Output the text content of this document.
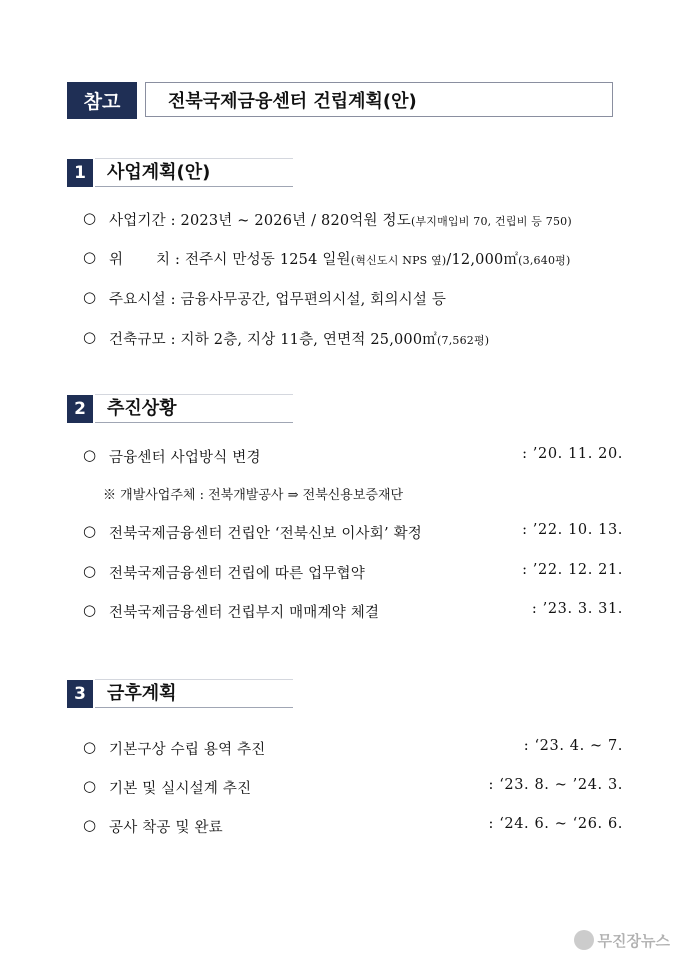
참고	전북국제금융센터 건립계획(안)
1	사업계획(안)
○ 사업기간 : 2023년 ~ 2026년 / 820억원 정도(부지매입비 70, 건립비 등 750)
○ 위 치 : 전주시 만성동 1254 일원(혁신도시 NPS 옆)/12,000㎡(3,640평)
○ 주요시설 : 금융사무공간, 업무편의시설, 회의시설 등
○ 건축규모 : 지하 2층, 지상 11층, 연면적 25,000㎡(7,562평)
2	추진상황
○ 금융센터 사업방식 변경	: ’20. 11. 20.
※ 개발사업주체 : 전북개발공사 ⇒ 전북신용보증재단
○ 전북국제금융센터 건립안 ‘전북신보 이사회’ 확정	: ’22. 10. 13.
○ 전북국제금융센터 건립에 따른 업무협약	: ’22. 12. 21.
○ 전북국제금융센터 건립부지 매매계약 체결	: ’23. 3. 31.
3	금후계획
○ 기본구상 수립 용역 추진	: ‘23. 4. ~ 7.
○ 기본 및 실시설계 추진	: ‘23. 8. ~ ’24. 3.
○ 공사 착공 및 완료	: ‘24. 6. ~ ‘26. 6.
무진장뉴스
